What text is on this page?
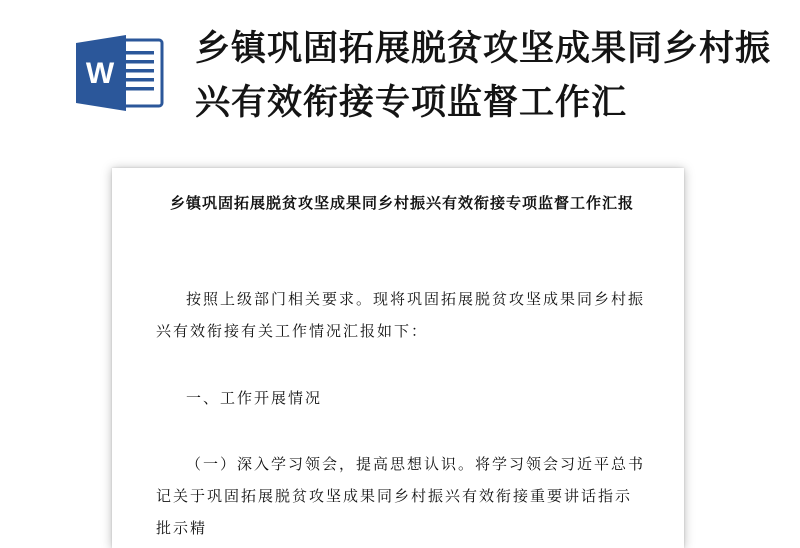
W
乡镇巩固拓展脱贫攻坚成果同乡村振兴有效衔接专项监督工作汇
乡镇巩固拓展脱贫攻坚成果同乡村振兴有效衔接专项监督工作汇报

按照上级部门相关要求。现将巩固拓展脱贫攻坚成果同乡村振兴有效衔接有关工作情况汇报如下：

一、工作开展情况

（一）深入学习领会，提高思想认识。将学习领会习近平总书记关于巩固拓展脱贫攻坚成果同乡村振兴有效衔接重要讲话指示批示精
